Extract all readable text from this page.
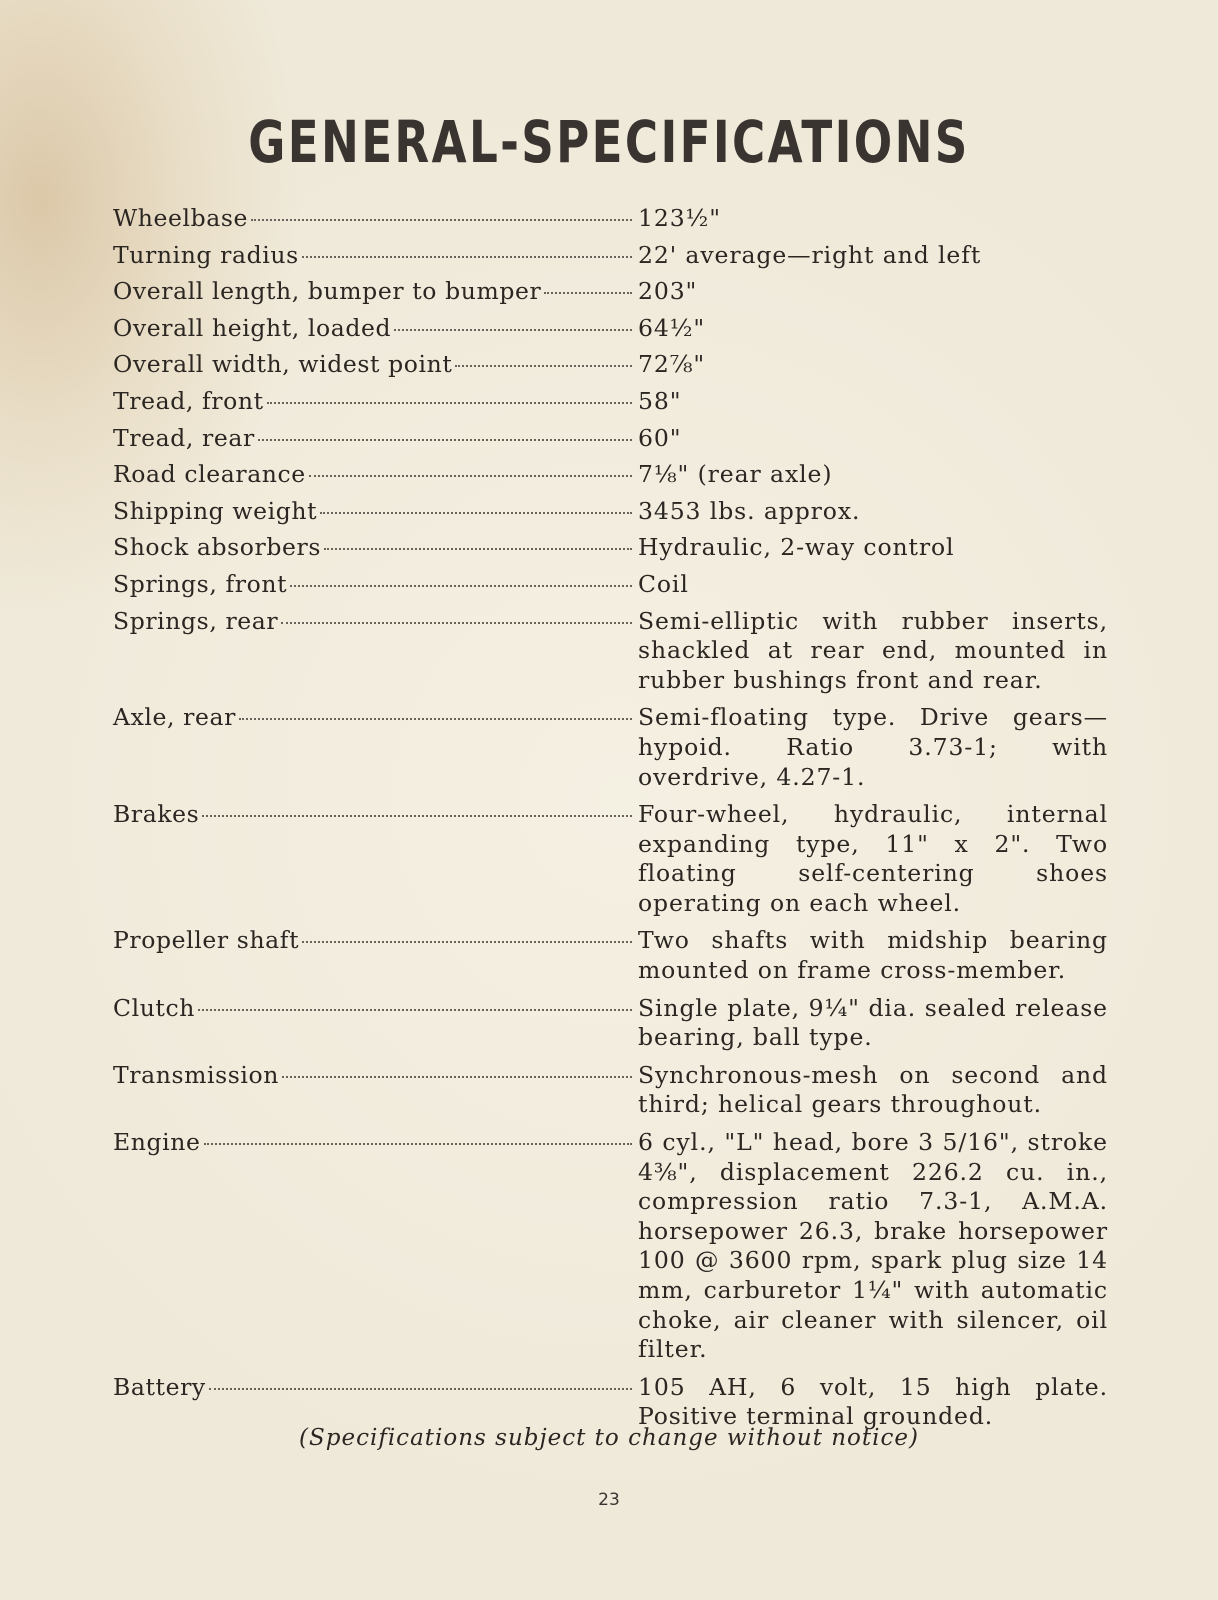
GENERAL-SPECIFICATIONS
Wheelbase	123½"
Turning radius	22' average—right and left
Overall length, bumper to bumper	203"
Overall height, loaded	64½"
Overall width, widest point	72⅞"
Tread, front	58"
Tread, rear	60"
Road clearance	7⅛" (rear axle)
Shipping weight	3453 lbs. approx.
Shock absorbers	Hydraulic, 2-way control
Springs, front	Coil
Springs, rear	Semi-elliptic with rubber inserts, shackled at rear end, mounted in rubber bushings front and rear.
Axle, rear	Semi-floating type. Drive gears—hypoid. Ratio 3.73-1; with overdrive, 4.27-1.
Brakes	Four-wheel, hydraulic, internal expanding type, 11" x 2". Two floating self-centering shoes operating on each wheel.
Propeller shaft	Two shafts with midship bearing mounted on frame cross-member.
Clutch	Single plate, 9¼" dia. sealed release bearing, ball type.
Transmission	Synchronous-mesh on second and third; helical gears throughout.
Engine	6 cyl., "L" head, bore 3 5/16", stroke 4⅜", displacement 226.2 cu. in., compression ratio 7.3-1, A.M.A. horsepower 26.3, brake horsepower 100 @ 3600 rpm, spark plug size 14 mm, carburetor 1¼" with automatic choke, air cleaner with silencer, oil filter.
Battery	105 AH, 6 volt, 15 high plate. Positive terminal grounded.
(Specifications subject to change without notice)
23
